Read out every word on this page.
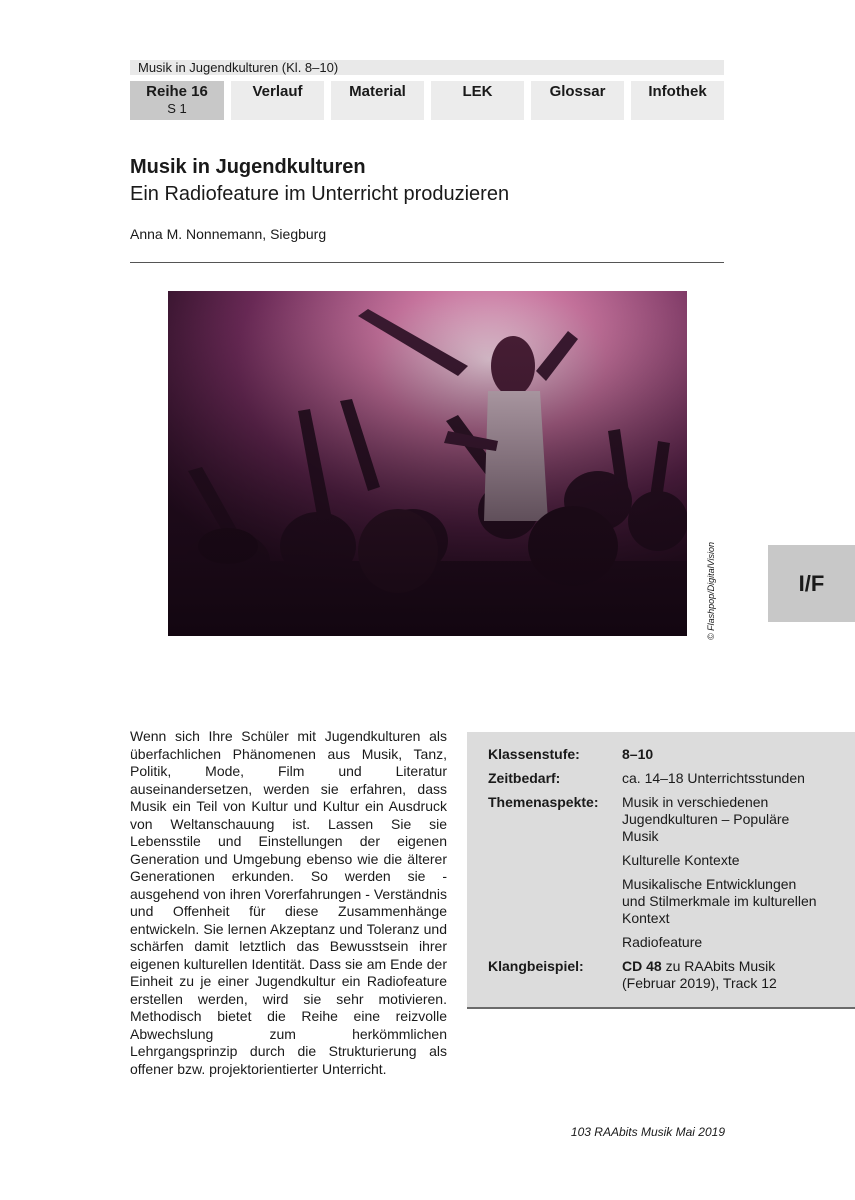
Musik in Jugendkulturen (Kl. 8–10)
Reihe 16
S 1
Verlauf	Material	LEK	Glossar	Infothek
Musik in Jugendkulturen
Ein Radiofeature im Unterricht produzieren
Anna M. Nonnemann, Siegburg
© Flashpop/DigitalVision	I/F

Wenn sich Ihre Schüler mit Jugendkulturen als überfachlichen Phänomenen aus Musik, Tanz, Politik, Mode, Film und Literatur auseinandersetzen, werden sie erfahren, dass Musik ein Teil von Kultur und Kultur ein Ausdruck von Weltanschauung ist. Lassen Sie sie Lebensstile und Einstellungen der eigenen Generation und Umgebung ebenso wie die älterer Generationen erkunden. So werden sie - ausgehend von ihren Vorerfahrungen - Verständnis und Offenheit für diese Zusammenhänge entwickeln. Sie lernen Akzeptanz und Toleranz und schärfen damit letztlich das Bewusstsein ihrer eigenen kulturellen Identität. Dass sie am Ende der Einheit zu je einer Jugendkultur ein Radiofeature erstellen werden, wird sie sehr motivieren. Methodisch bietet die Reihe eine reizvolle Abwechslung zum herkömmlichen Lehrgangsprinzip durch die Strukturierung als offener bzw. projektorientierter Unterricht.

Klassenstufe:	8–10
Zeitbedarf:	ca. 14–18 Unterrichtsstunden
Themenaspekte:	Musik in verschiedenen Jugendkulturen – Populäre Musik
Kulturelle Kontexte
Musikalische Entwicklungen und Stilmerkmale im kulturellen Kontext
Radiofeature
Klangbeispiel:	CD 48 zu RAAbits Musik (Februar 2019), Track 12
103 RAAbits Musik Mai 2019
